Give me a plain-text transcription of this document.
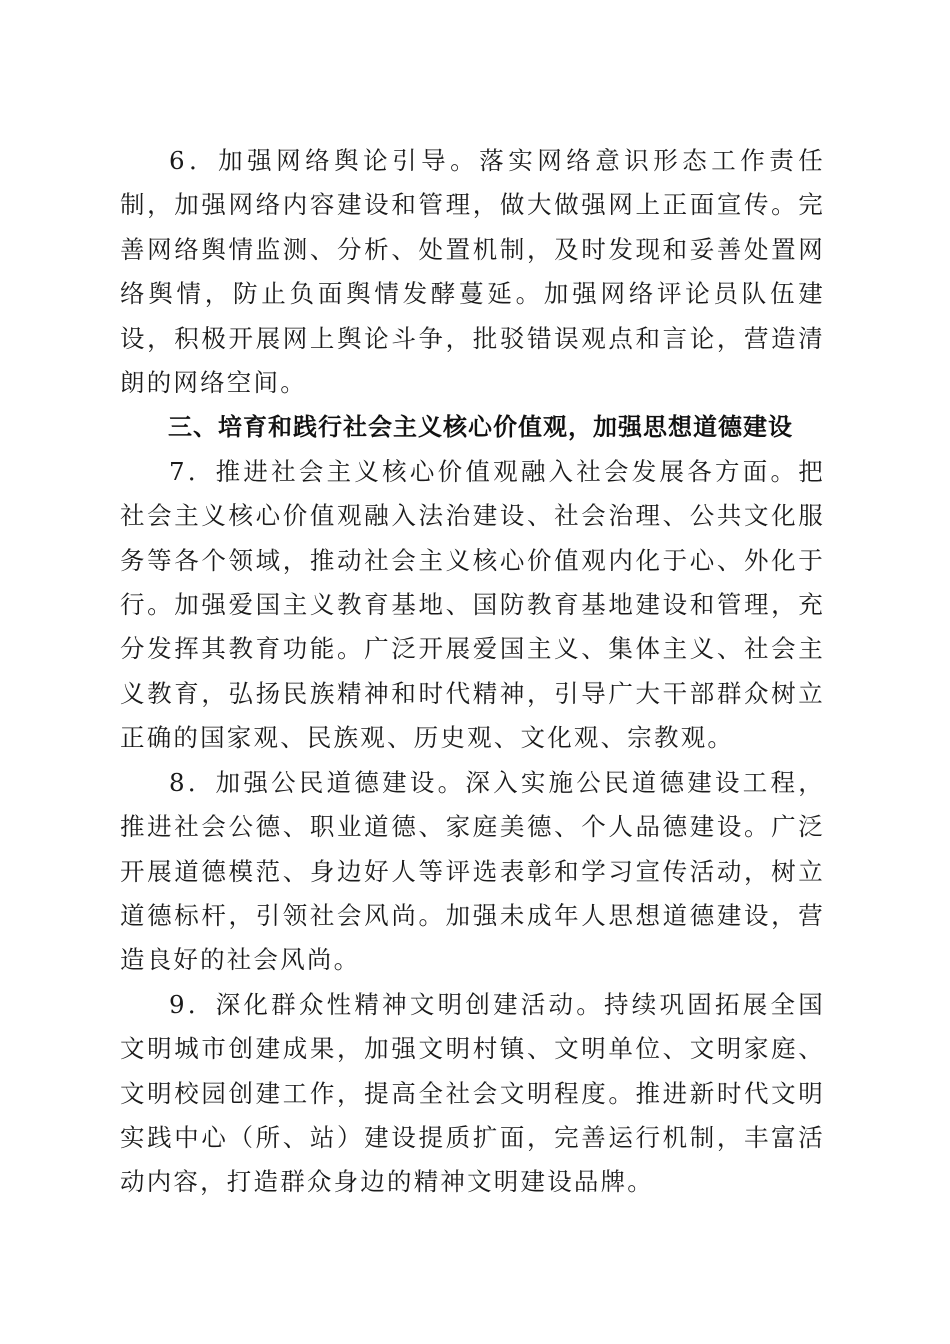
6．加强网络舆论引导。落实网络意识形态工作责任制，加强网络内容建设和管理，做大做强网上正面宣传。完善网络舆情监测、分析、处置机制，及时发现和妥善处置网络舆情，防止负面舆情发酵蔓延。加强网络评论员队伍建设，积极开展网上舆论斗争，批驳错误观点和言论，营造清朗的网络空间。

三、培育和践行社会主义核心价值观，加强思想道德建设

7．推进社会主义核心价值观融入社会发展各方面。把社会主义核心价值观融入法治建设、社会治理、公共文化服务等各个领域，推动社会主义核心价值观内化于心、外化于行。加强爱国主义教育基地、国防教育基地建设和管理，充分发挥其教育功能。广泛开展爱国主义、集体主义、社会主义教育，弘扬民族精神和时代精神，引导广大干部群众树立正确的国家观、民族观、历史观、文化观、宗教观。

8．加强公民道德建设。深入实施公民道德建设工程，推进社会公德、职业道德、家庭美德、个人品德建设。广泛开展道德模范、身边好人等评选表彰和学习宣传活动，树立道德标杆，引领社会风尚。加强未成年人思想道德建设，营造良好的社会风尚。

9．深化群众性精神文明创建活动。持续巩固拓展全国文明城市创建成果，加强文明村镇、文明单位、文明家庭、文明校园创建工作，提高全社会文明程度。推进新时代文明实践中心（所、站）建设提质扩面，完善运行机制，丰富活动内容，打造群众身边的精神文明建设品牌。
